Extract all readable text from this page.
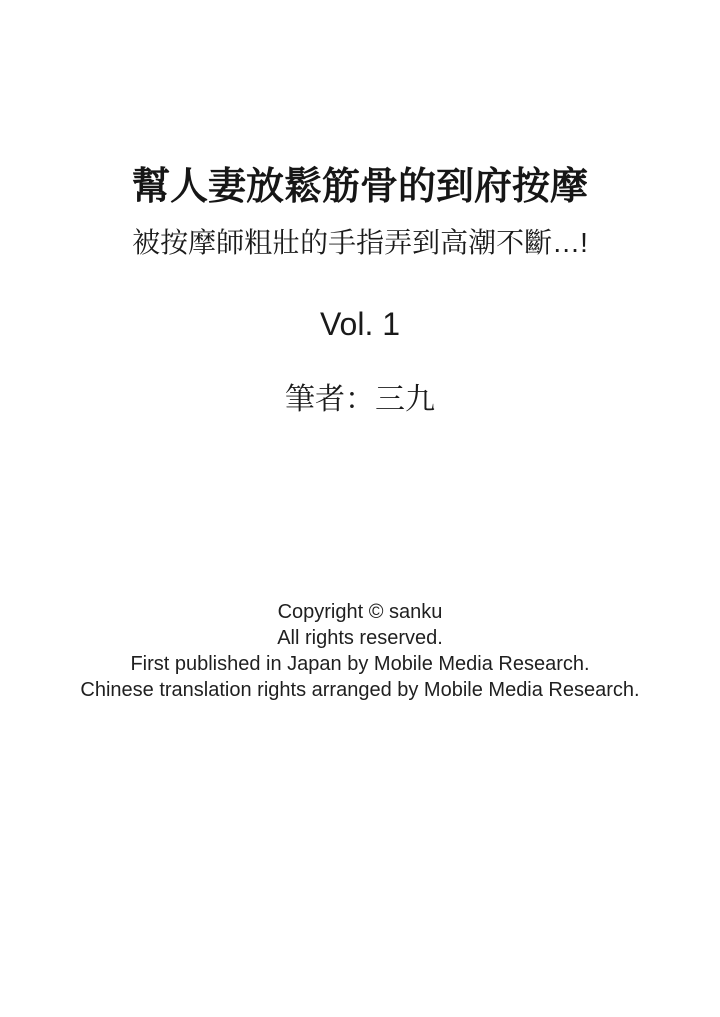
幫人妻放鬆筋骨的到府按摩
被按摩師粗壯的手指弄到高潮不斷…!
Vol. 1
筆者：三九
Copyright © sanku
All rights reserved.
First published in Japan by Mobile Media Research.
Chinese translation rights arranged by Mobile Media Research.
